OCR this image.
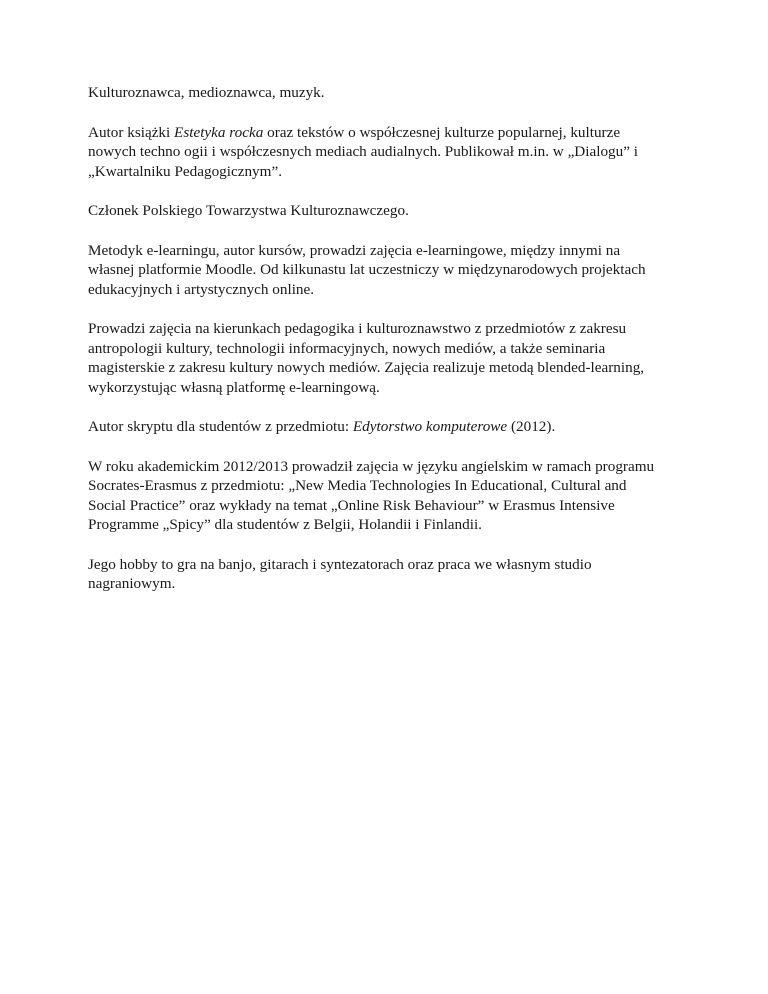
Kulturoznawca, medioznawca, muzyk.

Autor książki Estetyka rocka oraz tekstów o współczesnej kulturze popularnej, kulturze
nowych techno ogii i współczesnych mediach audialnych. Publikował m.in. w „Dialogu” i
„Kwartalniku Pedagogicznym”.

Członek Polskiego Towarzystwa Kulturoznawczego.

Metodyk e-learningu, autor kursów, prowadzi zajęcia e-learningowe, między innymi na
własnej platformie Moodle. Od kilkunastu lat uczestniczy w międzynarodowych projektach
edukacyjnych i artystycznych online.

Prowadzi zajęcia na kierunkach pedagogika i kulturoznawstwo z przedmiotów z zakresu
antropologii kultury, technologii informacyjnych, nowych mediów, a także seminaria
magisterskie z zakresu kultury nowych mediów. Zajęcia realizuje metodą blended-learning,
wykorzystując własną platformę e-learningową.

Autor skryptu dla studentów z przedmiotu: Edytorstwo komputerowe (2012).

W roku akademickim 2012/2013 prowadził zajęcia w języku angielskim w ramach programu
Socrates-Erasmus z przedmiotu: „New Media Technologies In Educational, Cultural and
Social Practice” oraz wykłady na temat „Online Risk Behaviour” w Erasmus Intensive
Programme „Spicy” dla studentów z Belgii, Holandii i Finlandii.

Jego hobby to gra na banjo, gitarach i syntezatorach oraz praca we własnym studio
nagraniowym.
